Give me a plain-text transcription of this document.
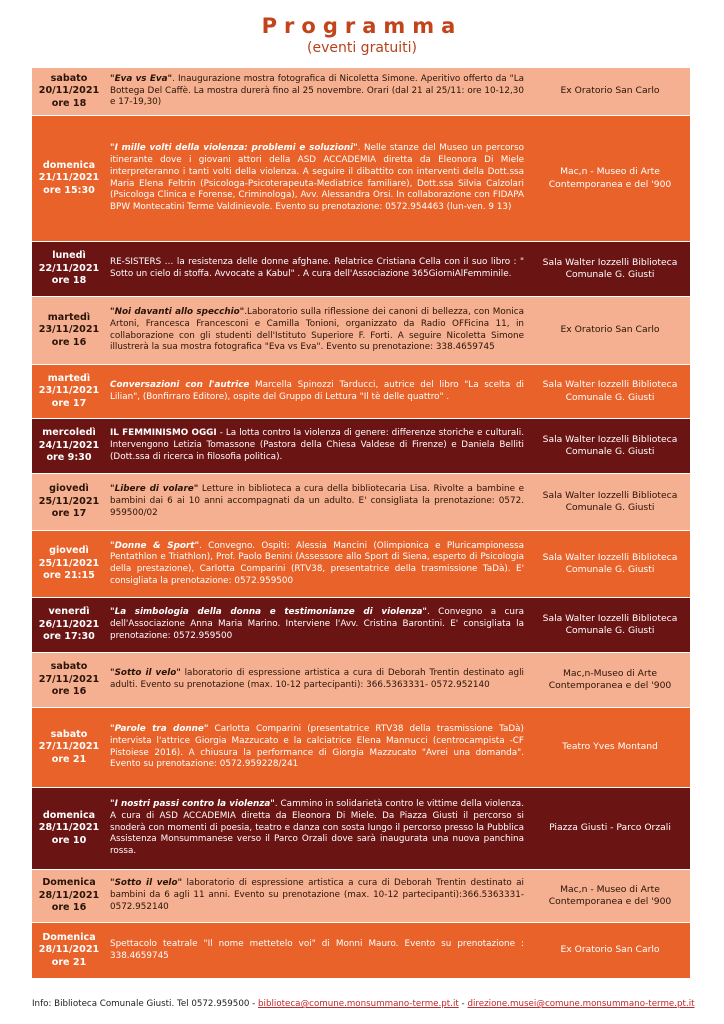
Programma
(eventi gratuiti)
sabato
20/11/2021
ore 18
"Eva vs Eva". Inaugurazione mostra fotografica di Nicoletta Simone. Aperitivo offerto da "La Bottega Del Caffè. La mostra durerà fino al 25 novembre. Orari (dal 21 al 25/11: ore 10-12,30 e 17-19,30)
Ex Oratorio San Carlo
domenica
21/11/2021
ore 15:30
"I mille volti della violenza: problemi e soluzioni". Nelle stanze del Museo un percorso itinerante dove i giovani attori della ASD ACCADEMIA diretta da Eleonora Di Miele interpreteranno i tanti volti della violenza. A seguire il dibattito con interventi della Dott.ssa Maria Elena Feltrin (Psicologa-Psicoterapeuta-Mediatrice familiare), Dott.ssa Silvia Calzolari (Psicologa Clinica e Forense, Criminologa), Avv. Alessandra Orsi. In collaborazione con FIDAPA BPW Montecatini Terme Valdinievole. Evento su prenotazione: 0572.954463 (lun-ven. 9 13)
Mac,n - Museo di Arte Contemporanea e del '900
lunedì
22/11/2021
ore 18
RE-SISTERS … la resistenza delle donne afghane. Relatrice Cristiana Cella con il suo libro : " Sotto un cielo di stoffa. Avvocate a Kabul" . A cura dell'Associazione 365GiorniAlFemminile.
Sala Walter Iozzelli Biblioteca Comunale G. Giusti
martedì
23/11/2021
ore 16
"Noi davanti allo specchio".Laboratorio sulla riflessione dei canoni di bellezza, con Monica Artoni, Francesca Francesconi e Camilla Tonioni, organizzato da Radio OFFicina 11, in collaborazione con gli studenti dell'Istituto Superiore F. Forti. A seguire Nicoletta Simone illustrerà la sua mostra fotografica "Eva vs Eva". Evento su prenotazione: 338.4659745
Ex Oratorio San Carlo
martedì
23/11/2021
ore 17
Conversazioni con l'autrice Marcella Spinozzi Tarducci, autrice del libro "La scelta di Lilian", (Bonfirraro Editore), ospite del Gruppo di Lettura "Il tè delle quattro" .
Sala Walter Iozzelli Biblioteca Comunale G. Giusti
mercoledì
24/11/2021
ore 9:30
IL FEMMINISMO OGGI - La lotta contro la violenza di genere: differenze storiche e culturali. Intervengono Letizia Tomassone (Pastora della Chiesa Valdese di Firenze) e Daniela Belliti (Dott.ssa di ricerca in filosofia politica).
Sala Walter Iozzelli Biblioteca Comunale G. Giusti
giovedì
25/11/2021
ore 17
"Libere di volare" Letture in biblioteca a cura della bibliotecaria Lisa. Rivolte a bambine e bambini dai 6 ai 10 anni accompagnati da un adulto. E' consigliata la prenotazione: 0572. 959500/02
Sala Walter Iozzelli Biblioteca Comunale G. Giusti
giovedì
25/11/2021
ore 21:15
"Donne & Sport". Convegno. Ospiti: Alessia Mancini (Olimpionica e Pluricampionessa Pentathlon e Triathlon), Prof. Paolo Benini (Assessore allo Sport di Siena, esperto di Psicologia della prestazione), Carlotta Comparini (RTV38, presentatrice della trasmissione TaDà). E' consigliata la prenotazione: 0572.959500
Sala Walter Iozzelli Biblioteca Comunale G. Giusti
venerdì
26/11/2021
ore 17:30
"La simbologia della donna e testimonianze di violenza". Convegno a cura dell'Associazione Anna Maria Marino. Interviene l'Avv. Cristina Barontini. E' consigliata la prenotazione: 0572.959500
Sala Walter Iozzelli Biblioteca Comunale G. Giusti
sabato
27/11/2021
ore 16
"Sotto il velo" laboratorio di espressione artistica a cura di Deborah Trentin destinato agli adulti. Evento su prenotazione (max. 10-12 partecipanti): 366.5363331- 0572.952140
Mac,n-Museo di Arte Contemporanea e del '900
sabato
27/11/2021
ore 21
"Parole tra donne" Carlotta Comparini (presentatrice RTV38 della trasmissione TaDà) intervista l'attrice Giorgia Mazzucato e la calciatrice Elena Mannucci (centrocampista -CF Pistoiese 2016). A chiusura la performance di Giorgia Mazzucato "Avrei una domanda". Evento su prenotazione: 0572.959228/241
Teatro Yves Montand
domenica
28/11/2021
ore 10
"I nostri passi contro la violenza". Cammino in solidarietà contro le vittime della violenza. A cura di ASD ACCADEMIA diretta da Eleonora Di Miele. Da Piazza Giusti il percorso si snoderà con momenti di poesia, teatro e danza con sosta lungo il percorso presso la Pubblica Assistenza Monsummanese verso il Parco Orzali dove sarà inaugurata una nuova panchina rossa.
Piazza Giusti - Parco Orzali
Domenica
28/11/2021
ore 16
"Sotto il velo" laboratorio di espressione artistica a cura di Deborah Trentin destinato ai bambini da 6 agli 11 anni. Evento su prenotazione (max. 10-12 partecipanti):366.5363331- 0572.952140
Mac,n - Museo di Arte Contemporanea e del '900
Domenica
28/11/2021
ore 21
Spettacolo teatrale "Il nome mettetelo voi" di Monni Mauro. Evento su prenotazione : 338.4659745
Ex Oratorio San Carlo
Info: Biblioteca Comunale Giusti. Tel 0572.959500 - biblioteca@comune.monsummano-terme.pt.it - direzione.musei@comune.monsummano-terme.pt.it
